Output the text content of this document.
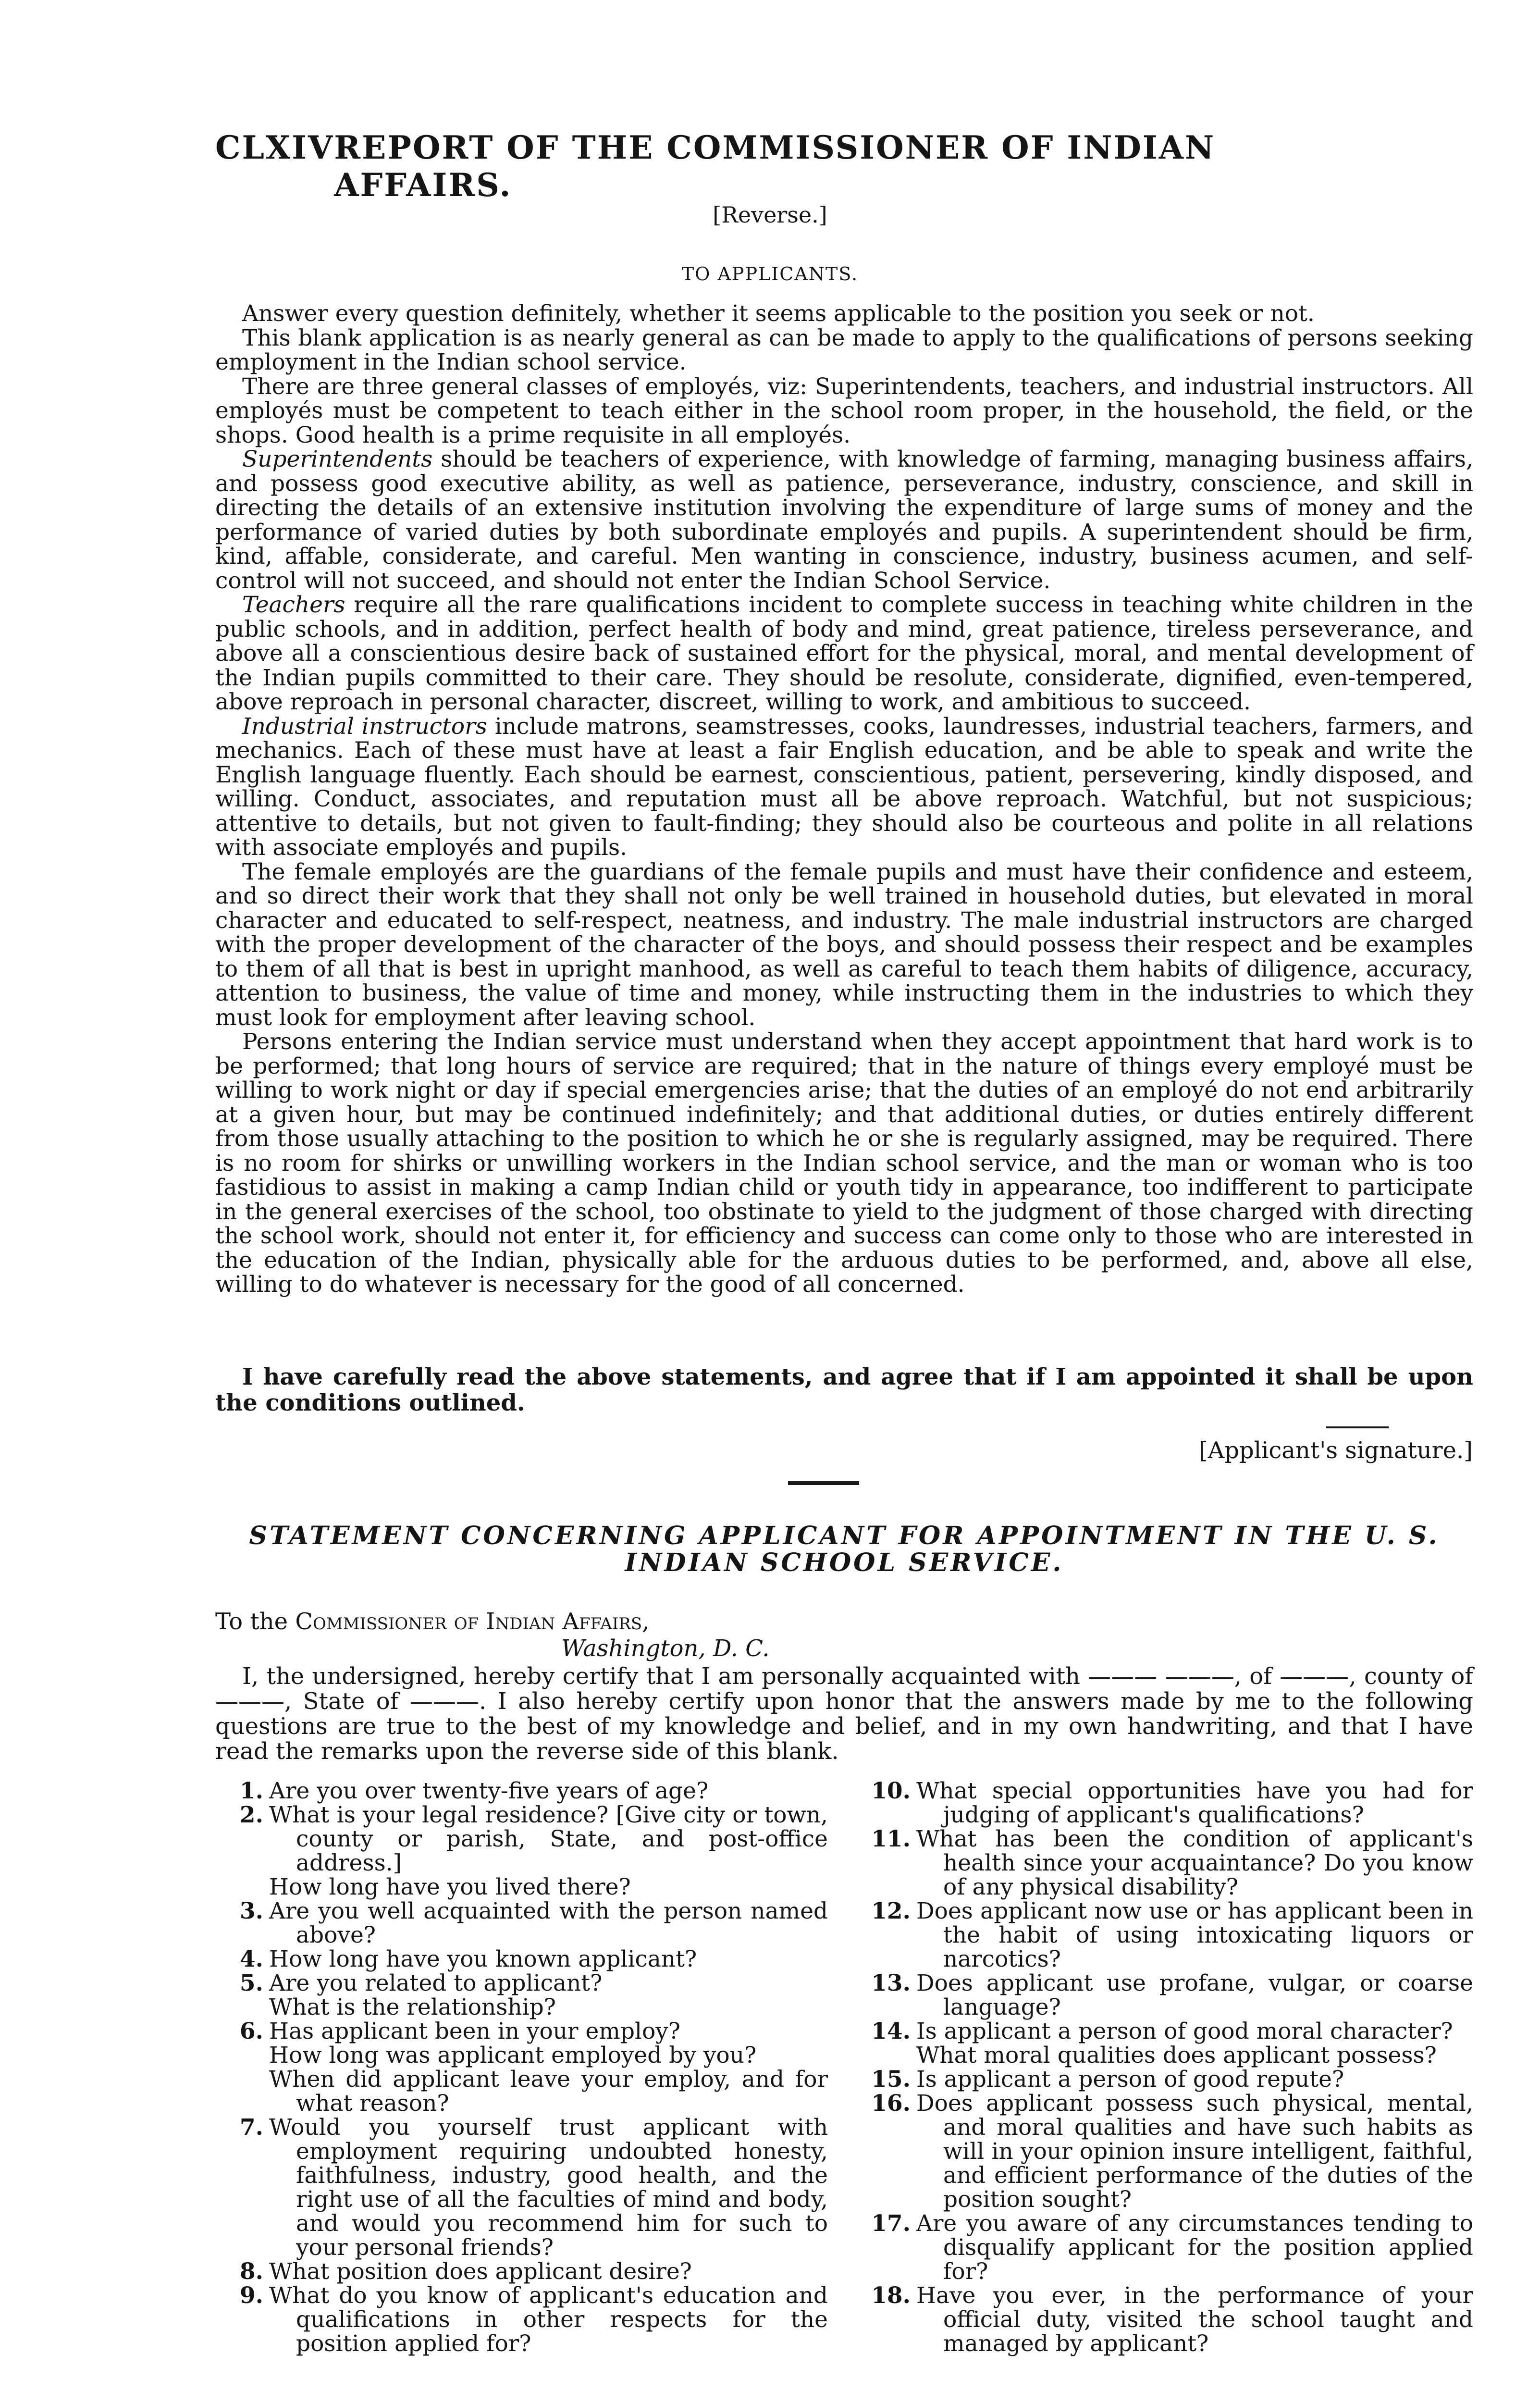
CLXIV REPORT OF THE COMMISSIONER OF INDIAN AFFAIRS.
[Reverse.]
TO APPLICANTS.

Answer every question definitely, whether it seems applicable to the position you seek or not.

This blank application is as nearly general as can be made to apply to the qualifications of persons seeking employment in the Indian school service.

There are three general classes of employés, viz: Superintendents, teachers, and industrial instructors. All employés must be competent to teach either in the school room proper, in the household, the field, or the shops. Good health is a prime requisite in all employés.

Superintendents should be teachers of experience, with knowledge of farming, managing business affairs, and possess good executive ability, as well as patience, perseverance, industry, conscience, and skill in directing the details of an extensive institution involving the expenditure of large sums of money and the performance of varied duties by both subordinate employés and pupils. A superintendent should be firm, kind, affable, considerate, and careful. Men wanting in conscience, industry, business acumen, and self-control will not succeed, and should not enter the Indian School Service.

Teachers require all the rare qualifications incident to complete success in teaching white children in the public schools, and in addition, perfect health of body and mind, great patience, tireless perseverance, and above all a conscientious desire back of sustained effort for the physical, moral, and mental development of the Indian pupils committed to their care. They should be resolute, considerate, dignified, even-tempered, above reproach in personal character, discreet, willing to work, and ambitious to succeed.

Industrial instructors include matrons, seamstresses, cooks, laundresses, industrial teachers, farmers, and mechanics. Each of these must have at least a fair English education, and be able to speak and write the English language fluently. Each should be earnest, conscientious, patient, persevering, kindly disposed, and willing. Conduct, associates, and reputation must all be above reproach. Watchful, but not suspicious; attentive to details, but not given to fault-finding; they should also be courteous and polite in all relations with associate employés and pupils.

The female employés are the guardians of the female pupils and must have their confidence and esteem, and so direct their work that they shall not only be well trained in household duties, but elevated in moral character and educated to self-respect, neatness, and industry. The male industrial instructors are charged with the proper development of the character of the boys, and should possess their respect and be examples to them of all that is best in upright manhood, as well as careful to teach them habits of diligence, accuracy, attention to business, the value of time and money, while instructing them in the industries to which they must look for employment after leaving school.

Persons entering the Indian service must understand when they accept appointment that hard work is to be performed; that long hours of service are required; that in the nature of things every employé must be willing to work night or day if special emergencies arise; that the duties of an employé do not end arbitrarily at a given hour, but may be continued indefinitely; and that additional duties, or duties entirely different from those usually attaching to the position to which he or she is regularly assigned, may be required. There is no room for shirks or unwilling workers in the Indian school service, and the man or woman who is too fastidious to assist in making a camp Indian child or youth tidy in appearance, too indifferent to participate in the general exercises of the school, too obstinate to yield to the judgment of those charged with directing the school work, should not enter it, for efficiency and success can come only to those who are interested in the education of the Indian, physically able for the arduous duties to be performed, and, above all else, willing to do whatever is necessary for the good of all concerned.

I have carefully read the above statements, and agree that if I am appointed it shall be upon the conditions outlined.

[Applicant's signature.]
STATEMENT CONCERNING APPLICANT FOR APPOINTMENT IN THE U. S. INDIAN SCHOOL SERVICE.
To the Commissioner of Indian Affairs,
Washington, D. C.

I, the undersigned, hereby certify that I am personally acquainted with ——— ———, of ———, county of ———, State of ———. I also hereby certify upon honor that the answers made by me to the following questions are true to the best of my knowledge and belief, and in my own handwriting, and that I have read the remarks upon the reverse side of this blank.

1. Are you over twenty-five years of age?
2. What is your legal residence? [Give city or town, county or parish, State, and post-office address.]
How long have you lived there?
3. Are you well acquainted with the person named above?
4. How long have you known applicant?
5. Are you related to applicant?
What is the relationship?
6. Has applicant been in your employ?
How long was applicant employed by you?
When did applicant leave your employ, and for what reason?
7. Would you yourself trust applicant with employment requiring undoubted honesty, faithfulness, industry, good health, and the right use of all the faculties of mind and body, and would you recommend him for such to your personal friends?
8. What position does applicant desire?
9. What do you know of applicant's education and qualifications in other respects for the position applied for?
10. What special opportunities have you had for judging of applicant's qualifications?
11. What has been the condition of applicant's health since your acquaintance? Do you know of any physical disability?
12. Does applicant now use or has applicant been in the habit of using intoxicating liquors or narcotics?
13. Does applicant use profane, vulgar, or coarse language?
14. Is applicant a person of good moral character?
What moral qualities does applicant possess?
15. Is applicant a person of good repute?
16. Does applicant possess such physical, mental, and moral qualities and have such habits as will in your opinion insure intelligent, faithful, and efficient performance of the duties of the position sought?
17. Are you aware of any circumstances tending to disqualify applicant for the position applied for?
18. Have you ever, in the performance of your official duty, visited the school taught and managed by applicant?
